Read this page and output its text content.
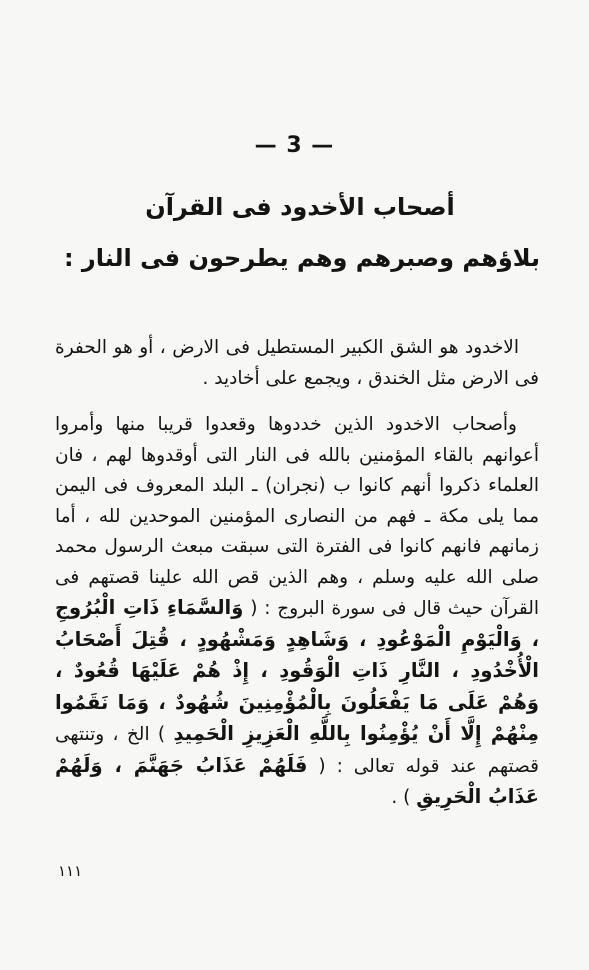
— 3 —
أصحاب الأخدود فى القرآن
بلاؤهم وصبرهم وهم يطرحون فى النار :
الاخدود هو الشق الكبير المستطيل فى الارض ، أو هو الحفرة فى الارض مثل الخندق ، ويجمع على أخاديد .
وأصحاب الاخدود الذين خددوها وقعدوا قريبا منها وأمروا أعوانهم بالقاء المؤمنين بالله فى النار التى أوقدوها لهم ، فان العلماء ذكروا أنهم كانوا ب (نجران) ـ البلد المعروف فى اليمن مما يلى مكة ـ فهم من النصارى المؤمنين الموحدين لله ، أما زمانهم فانهم كانوا فى الفترة التى سبقت مبعث الرسول محمد صلى الله عليه وسلم ، وهم الذين قص الله علينا قصتهم فى القرآن حيث قال فى سورة البروج : ( وَالسَّمَاءِ ذَاتِ الْبُرُوجِ ، وَالْيَوْمِ الْمَوْعُودِ ، وَشَاهِدٍ وَمَشْهُودٍ ، قُتِلَ أَصْحَابُ الْأُخْدُودِ ، النَّارِ ذَاتِ الْوَقُودِ ، إِذْ هُمْ عَلَيْهَا قُعُودٌ ، وَهُمْ عَلَى مَا يَفْعَلُونَ بِالْمُؤْمِنِينَ شُهُودٌ ، وَمَا نَقَمُوا مِنْهُمْ إِلَّا أَنْ يُؤْمِنُوا بِاللَّهِ الْعَزِيزِ الْحَمِيدِ ) الخ ، وتنتهى قصتهم عند قوله تعالى : ( فَلَهُمْ عَذَابُ جَهَنَّمَ ، وَلَهُمْ عَذَابُ الْحَرِيقِ ) .
١١١
